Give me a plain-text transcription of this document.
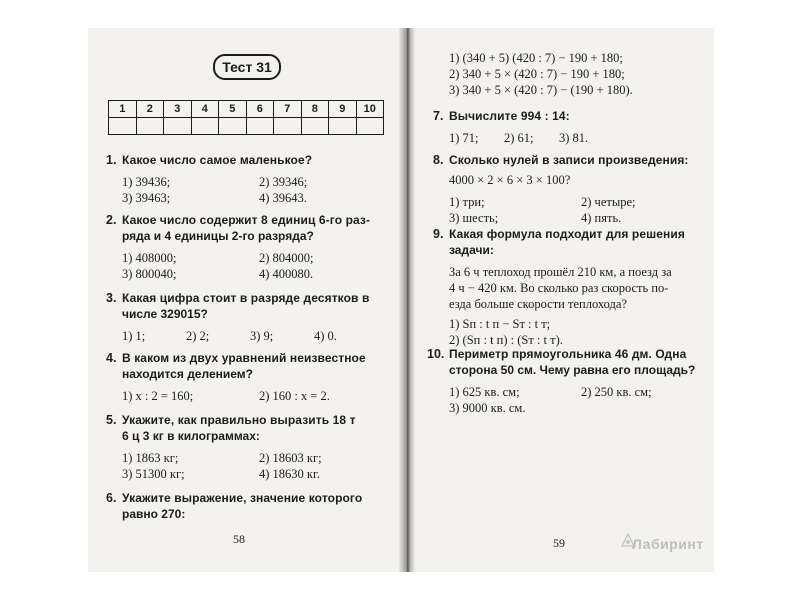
Тест 31
1	2	3	4	5	6	7	8	9	10

1. Какое число самое маленькое?
1) 39436;	2) 39346;
3) 39463;	4) 39643.
2. Какое число содержит 8 единиц 6-го раз-
ряда и 4 единицы 2-го разряда?
1) 408000;	2) 804000;
3) 800040;	4) 400080.
3. Какая цифра стоит в разряде десятков в
числе 329015?
1) 1;	2) 2;	3) 9;	4) 0.
4. В каком из двух уравнений неизвестное
находится делением?
1) x : 2 = 160;	2) 160 : x = 2.
5. Укажите, как правильно выразить 18 т
6 ц 3 кг в килограммах:
1) 1863 кг;	2) 18603 кг;
3) 51300 кг;	4) 18630 кг.
6. Укажите выражение, значение которого
равно 270:
58
1) (340 + 5) (420 : 7) − 190 + 180;
2) 340 + 5 × (420 : 7) − 190 + 180;
3) 340 + 5 × (420 : 7) − (190 + 180).
7. Вычислите 994 : 14:
1) 71;	2) 61;	3) 81.
8. Сколько нулей в записи произведения:
4000 × 2 × 6 × 3 × 100?
1) три;	2) четыре;
3) шесть;	4) пять.
9. Какая формула подходит для решения
задачи:
За 6 ч теплоход прошёл 210 км, а поезд за
4 ч − 420 км. Во сколько раз скорость по-
езда больше скорости теплохода?
1) Sп : t п − Sт : t т;
2) (Sп : t п) : (Sт : t т).
10. Периметр прямоугольника 46 дм. Одна
сторона 50 см. Чему равна его площадь?
1) 625 кв. см;	2) 250 кв. см;
3) 9000 кв. см.
59	Лабиринт
